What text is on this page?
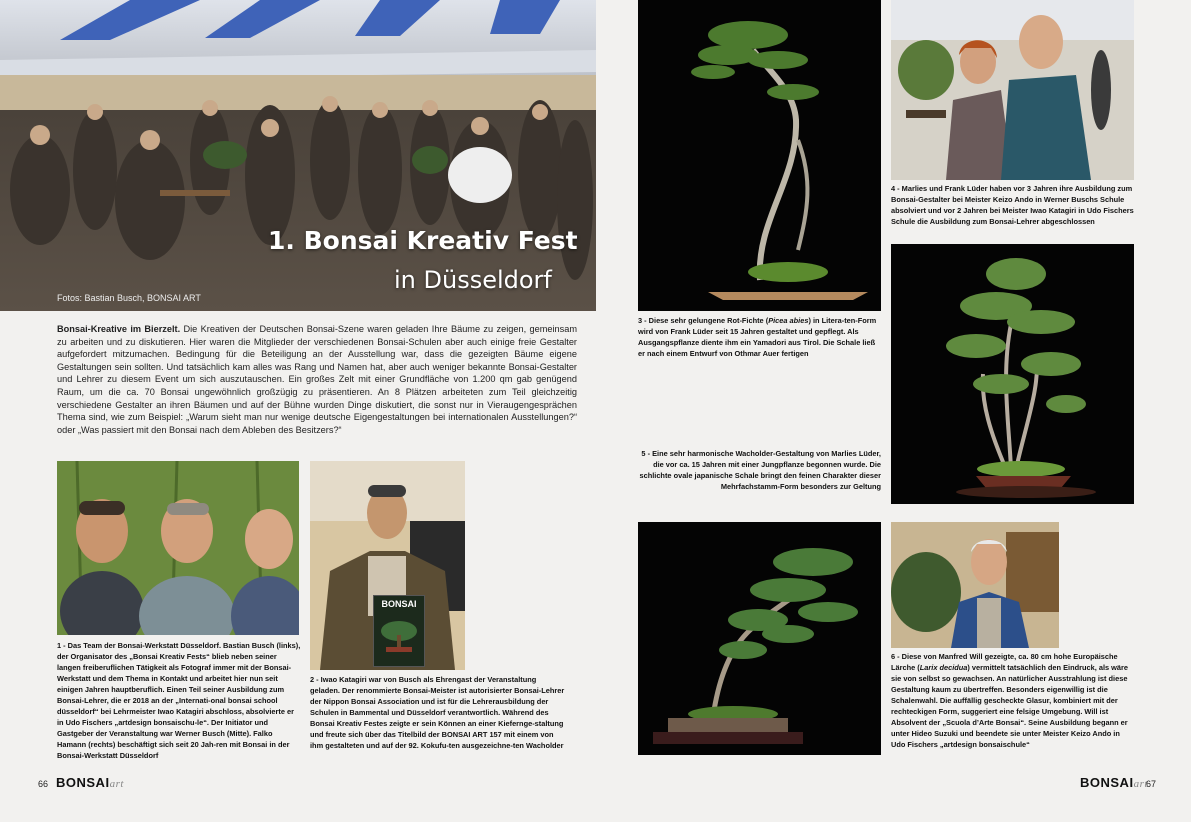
1. Bonsai Kreativ Fest
in Düsseldorf
Fotos: Bastian Busch, BONSAI ART
Bonsai-Kreative im Bierzelt. Die Kreativen der Deutschen Bonsai-Szene waren geladen Ihre Bäume zu zeigen, gemeinsam zu arbeiten und zu diskutieren. Hier waren die Mitglieder der verschiedenen Bonsai-Schulen aber auch einige freie Gestalter aufgefordert mitzumachen. Bedingung für die Beteiligung an der Ausstellung war, dass die gezeigten Bäume eigene Gestaltungen sein sollten. Und tatsächlich kam alles was Rang und Namen hat, aber auch weniger bekannte Bonsai-Gestalter und Lehrer zu diesem Event um sich auszutauschen. Ein großes Zelt mit einer Grundfläche von 1.200 qm gab genügend Raum, um die ca. 70 Bonsai ungewöhnlich großzügig zu präsentieren. An 8 Plätzen arbeiteten zum Teil gleichzeitig verschiedene Gestalter an ihren Bäumen und auf der Bühne wurden Dinge diskutiert, die sonst nur in Vieraugengesprächen Thema sind, wie zum Beispiel: „Warum sieht man nur wenige deutsche Eigengestaltungen bei internationalen Ausstellungen?“ oder „Was passiert mit den Bonsai nach dem Ableben des Besitzers?“
BONSAI
1 - Das Team der Bonsai-Werkstatt Düsseldorf. Bastian Busch (links), der Organisator des „Bonsai Kreativ Fests“ blieb neben seiner langen freiberuflichen Tätigkeit als Fotograf immer mit der Bonsai-Werkstatt und dem Thema in Kontakt und arbeitet hier nun seit einigen Jahren hauptberuflich. Einen Teil seiner Ausbildung zum Bonsai-Lehrer, die er 2018 an der „Internati-onal bonsai school düsseldorf“ bei Lehrmeister Iwao Katagiri abschloss, absolvierte er in Udo Fischers „artdesign bonsaischu-le“. Der Initiator und Gastgeber der Veranstaltung war Werner Busch (Mitte). Falko Hamann (rechts) beschäftigt sich seit 20 Jah-ren mit Bonsai in der Bonsai-Werkstatt Düsseldorf
2 - Iwao Katagiri war von Busch als Ehrengast der Veranstaltung geladen. Der renommierte Bonsai-Meister ist autorisierter Bonsai-Lehrer der Nippon Bonsai Association und ist für die Lehrerausbildung der Schulen in Bammental und Düsseldorf verantwortlich. Während des Bonsai Kreativ Festes zeigte er sein Können an einer Kiefernge-staltung und freute sich über das Titelbild der BONSAI ART 157 mit einem von ihm gestalteten und auf der 92. Kokufu-ten ausgezeichne-ten Wacholder
66 BONSAIart
4 - Marlies und Frank Lüder haben vor 3 Jahren ihre Ausbildung zum Bonsai-Gestalter bei Meister Keizo Ando in Werner Buschs Schule absolviert und vor 2 Jahren bei Meister Iwao Katagiri in Udo Fischers Schule die Ausbildung zum Bonsai-Lehrer abgeschlossen
5 - Eine sehr harmonische Wacholder-Gestaltung von Marlies Lüder, die vor ca. 15 Jahren mit einer Jungpflanze begonnen wurde. Die schlichte ovale japanische Schale bringt den feinen Charakter dieser Mehrfachstamm-Form besonders zur Geltung
6 - Diese von Manfred Will gezeigte, ca. 80 cm hohe Europäische Lärche (Larix decidua) vermittelt tatsächlich den Eindruck, als wäre sie von selbst so gewachsen. An natürlicher Ausstrahlung ist diese Gestaltung kaum zu übertreffen. Besonders eigenwillig ist die Schalenwahl. Die auffällig gescheckte Glasur, kombiniert mit der rechteckigen Form, suggeriert eine felsige Umgebung. Will ist Absolvent der „Scuola d’Arte Bonsai“. Seine Ausbildung begann er unter Hideo Suzuki und beendete sie unter Meister Keizo Ando in Udo Fischers „artdesign bonsaischule“
3 - Diese sehr gelungene Rot-Fichte (Picea abies) in Litera-ten-Form wird von Frank Lüder seit 15 Jahren gestaltet und gepflegt. Als Ausgangspflanze diente ihm ein Yamadori aus Tirol. Die Schale ließ er nach einem Entwurf von Othmar Auer fertigen
BONSAIart
67
